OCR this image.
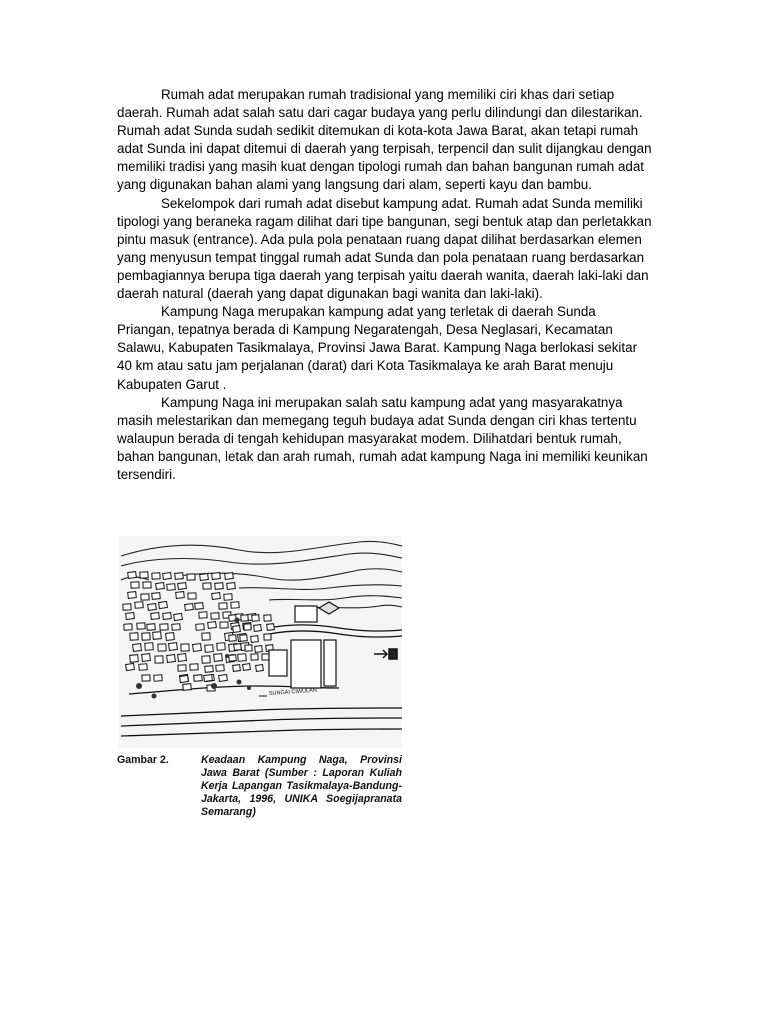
Rumah adat merupakan rumah tradisional yang memiliki ciri khas dari setiap daerah. Rumah adat salah satu dari cagar budaya yang perlu dilindungi dan dilestarikan. Rumah adat Sunda sudah sedikit ditemukan di kota-kota Jawa Barat, akan tetapi rumah adat Sunda ini dapat ditemui di daerah yang terpisah, terpencil dan sulit dijangkau dengan memiliki tradisi yang masih kuat dengan tipologi rumah dan bahan bangunan rumah adat yang digunakan bahan alami yang langsung dari alam, seperti kayu dan bambu.

Sekelompok dari rumah adat disebut kampung adat. Rumah adat Sunda memiliki tipologi yang beraneka ragam dilihat dari tipe bangunan, segi bentuk atap dan perletakkan pintu masuk (entrance). Ada pula pola penataan ruang dapat dilihat berdasarkan elemen yang menyusun tempat tinggal rumah adat Sunda dan pola penataan ruang berdasarkan pembagiannya berupa tiga daerah yang terpisah yaitu daerah wanita, daerah laki-laki dan daerah natural (daerah yang dapat digunakan bagi wanita dan laki-laki).

Kampung Naga merupakan kampung adat yang terletak di daerah Sunda Priangan, tepatnya berada di Kampung Negaratengah, Desa Neglasari, Kecamatan Salawu, Kabupaten Tasikmalaya, Provinsi Jawa Barat. Kampung Naga berlokasi sekitar 40 km atau satu jam perjalanan (darat) dari Kota Tasikmalaya ke arah Barat menuju Kabupaten Garut .

Kampung Naga ini merupakan salah satu kampung adat yang masyarakatnya masih melestarikan dan memegang teguh budaya adat Sunda dengan ciri khas tertentu walaupun berada di tengah kehidupan masyarakat modem. Dilihatdari bentuk rumah, bahan bangunan, letak dan arah rumah, rumah adat kampung Naga ini memiliki keunikan tersendiri.

SUNGAI CIWULAN
Gambar 2.	Keadaan Kampung Naga, Provinsi Jawa Barat (Sumber : Laporan Kuliah Kerja Lapangan Tasikmalaya-Bandung-Jakarta, 1996, UNIKA Soegijapranata Semarang)
